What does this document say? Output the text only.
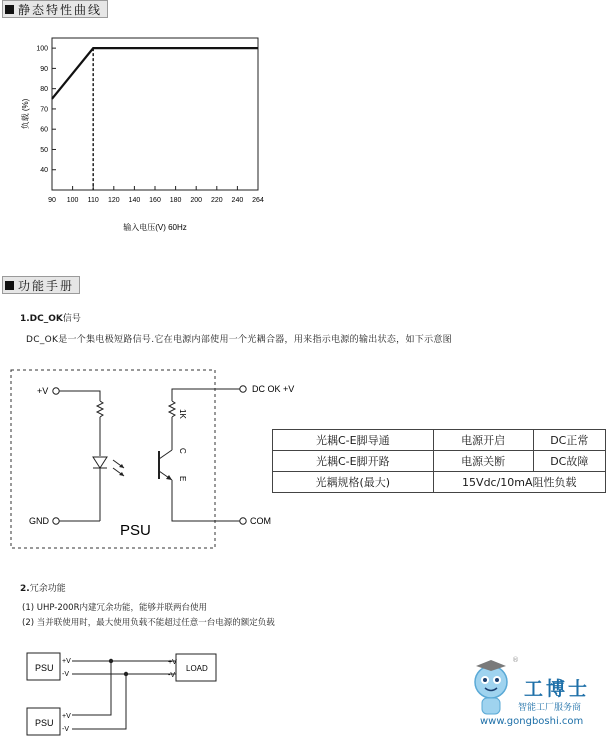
静态特性曲线
40
50
60
70
80
90
100
90 100 110 120 140 160 180 200 220 240 264
负载 (%)
输入电压(V) 60Hz
功能手册
1.DC_OK信号
DC_OK是一个集电极短路信号.它在电源内部使用一个光耦合器，用来指示电源的输出状态，如下示意图
+V
GND
PSU
DC OK +V
1K
C
E
COM
光耦C-E脚导通	电源开启	DC正常
光耦C-E脚开路	电源关断	DC故障
光耦规格(最大)	15Vdc/10mA阻性负载	
2.冗余功能
(1) UHP-200R内建冗余功能，能够并联两台使用
(2) 当并联使用时，最大使用负载不能超过任意一台电源的额定负载
PSU
+V
-V
PSU
+V
-V
LOAD
+V
-V
®
工博士
智能工厂服务商
www.gongboshi.com
